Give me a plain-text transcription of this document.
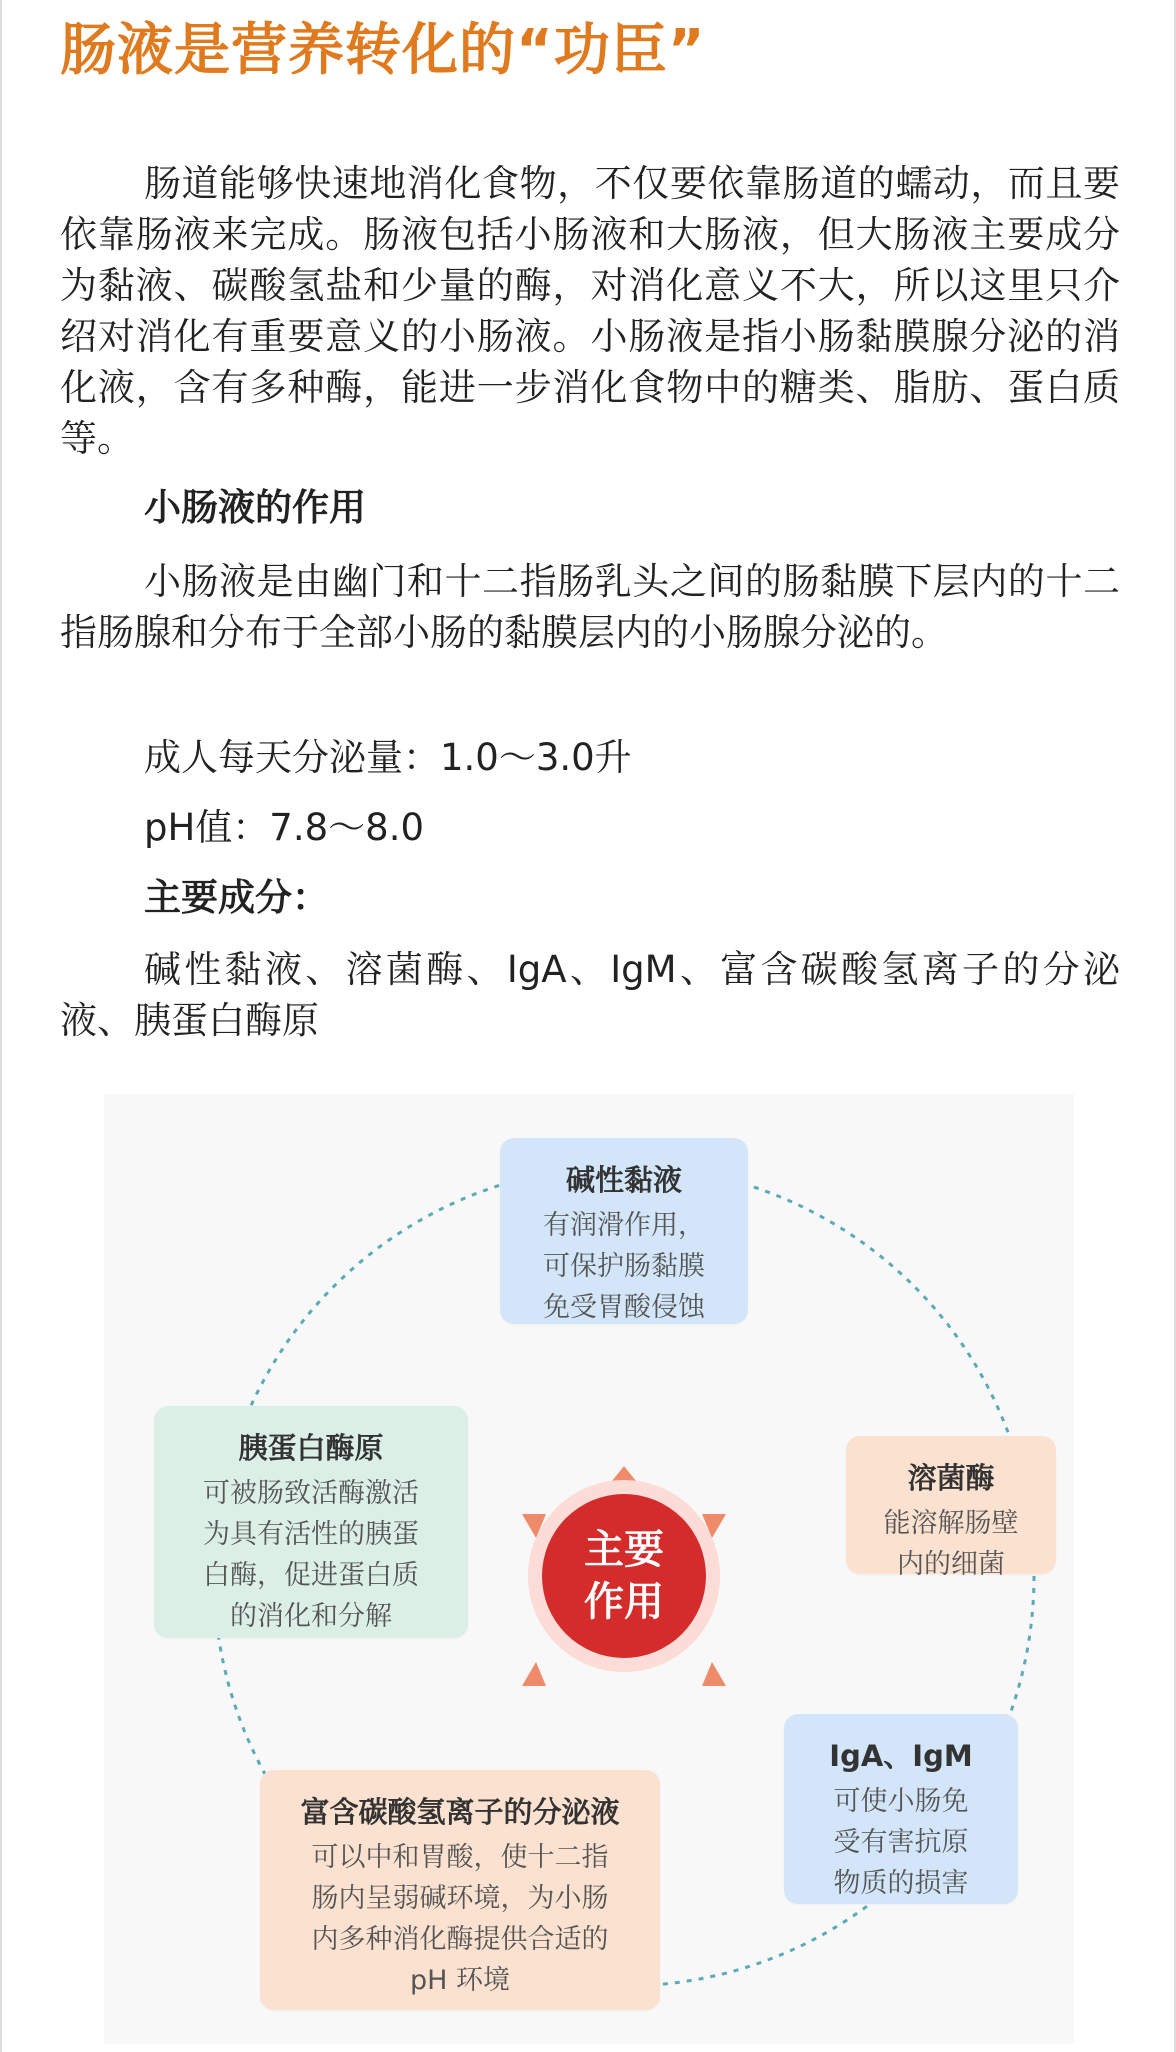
肠液是营养转化的“功臣”

肠道能够快速地消化食物，不仅要依靠肠道的蠕动，而且要依靠肠液来完成。肠液包括小肠液和大肠液，但大肠液主要成分为黏液、碳酸氢盐和少量的酶，对消化意义不大，所以这里只介绍对消化有重要意义的小肠液。小肠液是指小肠黏膜腺分泌的消化液，含有多种酶，能进一步消化食物中的糖类、脂肪、蛋白质等。

小肠液的作用

小肠液是由幽门和十二指肠乳头之间的肠黏膜下层内的十二指肠腺和分布于全部小肠的黏膜层内的小肠腺分泌的。

成人每天分泌量：1.0～3.0升

pH值：7.8～8.0

主要成分：

碱性黏液、溶菌酶、IgA、IgM、富含碳酸氢离子的分泌液、胰蛋白酶原

主要
作用
碱性黏液
有润滑作用，
可保护肠黏膜
免受胃酸侵蚀
溶菌酶
能溶解肠壁
内的细菌
IgA、IgM
可使小肠免
受有害抗原
物质的损害
富含碳酸氢离子的分泌液
可以中和胃酸，使十二指
肠内呈弱碱环境，为小肠
内多种消化酶提供合适的
pH 环境
胰蛋白酶原
可被肠致活酶激活
为具有活性的胰蛋
白酶，促进蛋白质
的消化和分解
